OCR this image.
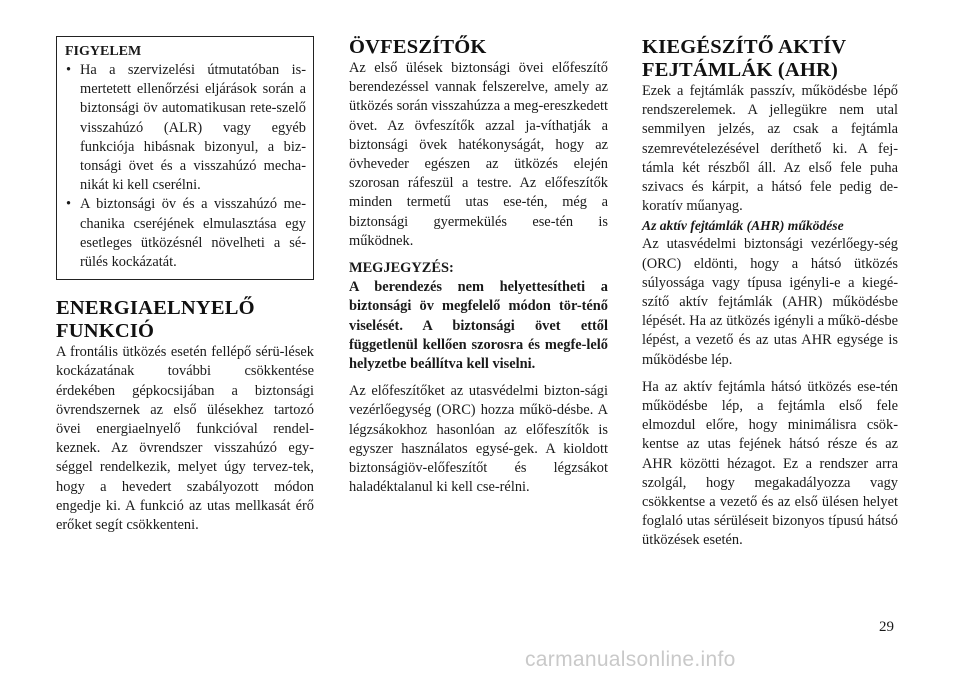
FIGYELEM
• Ha a szervizelési útmutatóban is-mertetett ellenőrzési eljárások során a biztonsági öv automatikusan rete-szelő visszahúzó (ALR) vagy egyéb funkciója hibásnak bizonyul, a biz-tonsági övet és a visszahúzó mecha-nikát ki kell cserélni.
• A biztonsági öv és a visszahúzó me-chanika cseréjének elmulasztása egy esetleges ütközésnél növelheti a sé-rülés kockázatát.
ENERGIAELNYELŐ FUNKCIÓ

A frontális ütközés esetén fellépő sérü-lések kockázatának további csökkentése érdekében gépkocsijában a biztonsági övrendszernek az első ülésekhez tartozó övei energiaelnyelő funkcióval rendel-keznek. Az övrendszer visszahúzó egy-séggel rendelkezik, melyet úgy tervez-tek, hogy a hevedert szabályozott módon engedje ki. A funkció az utas mellkasát érő erőket segít csökkenteni.

ÖVFESZÍTŐK

Az első ülések biztonsági övei előfeszítő berendezéssel vannak felszerelve, amely az ütközés során visszahúzza a meg-ereszkedett övet. Az övfeszítők azzal ja-víthatják a biztonsági övek hatékonyságát, hogy az övheveder egészen az ütközés elején szorosan ráfeszül a testre. Az előfeszítők minden termetű utas ese-tén, még a biztonsági gyermekülés ese-tén is működnek.

MEGJEGYZÉS:

A berendezés nem helyettesítheti a biztonsági öv megfelelő módon tör-ténő viselését. A biztonsági övet ettől függetlenül kellően szorosra és megfe-lelő helyzetbe beállítva kell viselni.

Az előfeszítőket az utasvédelmi bizton-sági vezérlőegység (ORC) hozza műkö-désbe. A légzsákokhoz hasonlóan az előfeszítők is egyszer használatos egysé-gek. A kioldott biztonságiöv-előfeszítőt és légzsákot haladéktalanul ki kell cse-rélni.

KIEGÉSZÍTŐ AKTÍV FEJTÁMLÁK (AHR)

Ezek a fejtámlák passzív, működésbe lépő rendszerelemek. A jellegükre nem utal semmilyen jelzés, az csak a fejtámla szemrevételezésével deríthető ki. A fej-támla két részből áll. Az első fele puha szivacs és kárpit, a hátsó fele pedig de-koratív műanyag.

Az aktív fejtámlák (AHR) működése

Az utasvédelmi biztonsági vezérlőegy-ség (ORC) eldönti, hogy a hátsó ütközés súlyossága vagy típusa igényli-e a kiegé-szítő aktív fejtámlák (AHR) működésbe lépését. Ha az ütközés igényli a műkö-désbe lépést, a vezető és az utas AHR egysége is működésbe lép.

Ha az aktív fejtámla hátsó ütközés ese-tén működésbe lép, a fejtámla első fele elmozdul előre, hogy minimálisra csök-kentse az utas fejének hátsó része és az AHR közötti hézagot. Ez a rendszer arra szolgál, hogy megakadályozza vagy csökkentse a vezető és az első ülésen helyet foglaló utas sérüléseit bizonyos típusú hátsó ütközések esetén.

29
carmanualsonline.info
